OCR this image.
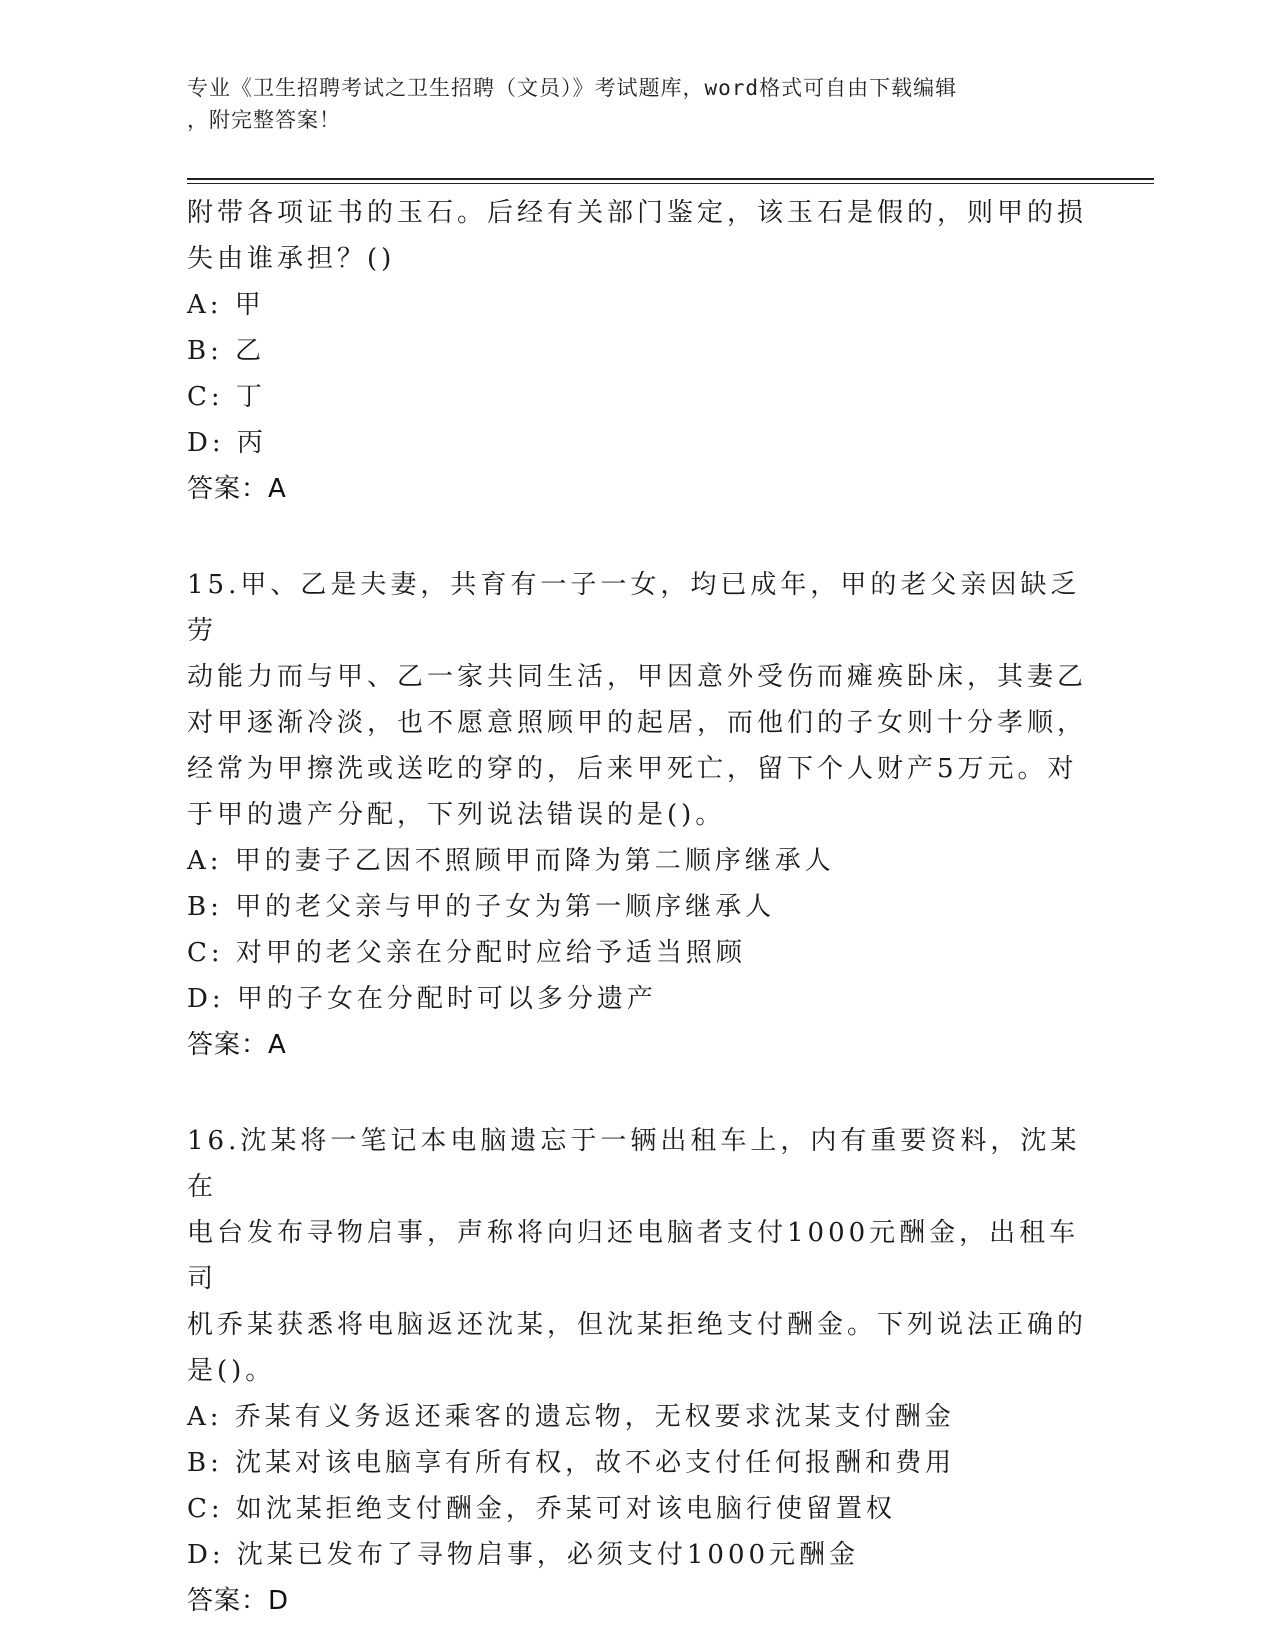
专业《卫生招聘考试之卫生招聘（文员）》考试题库，word格式可自由下载编辑
，附完整答案！
附带各项证书的玉石。后经有关部门鉴定，该玉石是假的，则甲的损
失由谁承担？()
A: 甲
B: 乙
C: 丁
D: 丙
答案：A
15.甲、乙是夫妻，共育有一子一女，均已成年，甲的老父亲因缺乏劳
动能力而与甲、乙一家共同生活，甲因意外受伤而瘫痪卧床，其妻乙
对甲逐渐冷淡，也不愿意照顾甲的起居，而他们的子女则十分孝顺，
经常为甲擦洗或送吃的穿的，后来甲死亡，留下个人财产5万元。对
于甲的遗产分配，下列说法错误的是()。
A: 甲的妻子乙因不照顾甲而降为第二顺序继承人
B: 甲的老父亲与甲的子女为第一顺序继承人
C: 对甲的老父亲在分配时应给予适当照顾
D: 甲的子女在分配时可以多分遗产
答案：A
16.沈某将一笔记本电脑遗忘于一辆出租车上，内有重要资料，沈某在
电台发布寻物启事，声称将向归还电脑者支付1000元酬金，出租车司
机乔某获悉将电脑返还沈某，但沈某拒绝支付酬金。下列说法正确的
是()。
A: 乔某有义务返还乘客的遗忘物，无权要求沈某支付酬金
B: 沈某对该电脑享有所有权，故不必支付任何报酬和费用
C: 如沈某拒绝支付酬金，乔某可对该电脑行使留置权
D: 沈某已发布了寻物启事，必须支付1000元酬金
答案：D
